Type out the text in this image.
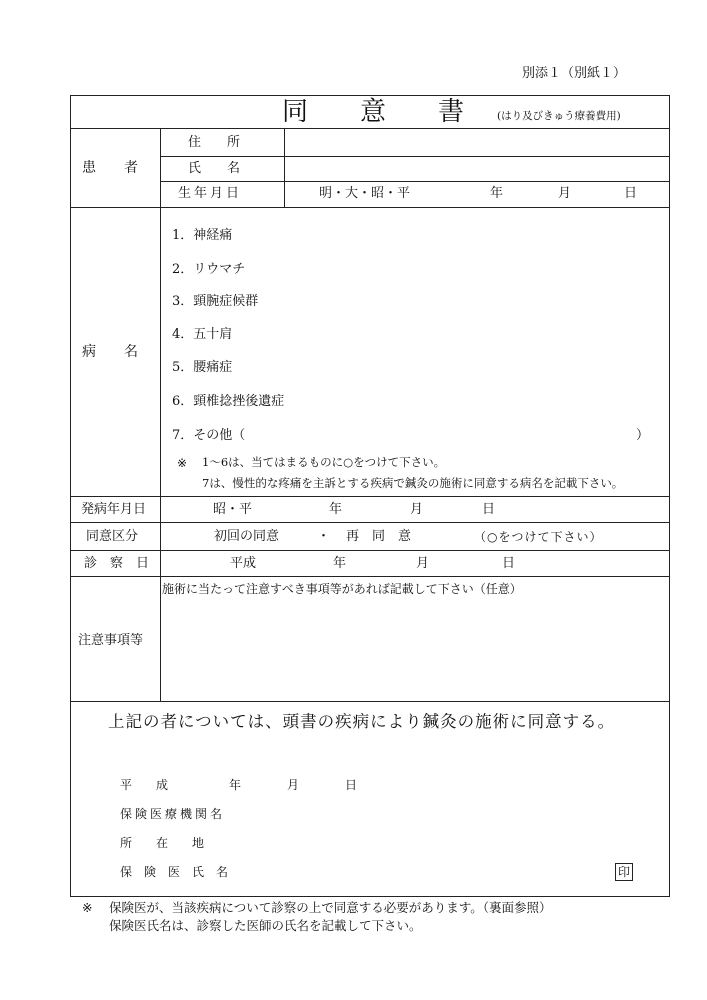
別添１（別紙１）
同　　意　　書	(はり及びきゅう療養費用)
患　　者
住　　所
氏　　名
生年月日	明・大・昭・平	年	月	日
病　　名
1．神経痛
2．リウマチ
3．頸腕症候群
4．五十肩
5．腰痛症
6．頸椎捻挫後遺症
7．その他（	）
※ 1～6は、当てはまるものに○をつけて下さい。
7は、慢性的な疼痛を主訴とする疾病で鍼灸の施術に同意する病名を記載下さい。
発病年月日	昭・平	年	月	日
同意区分	初回の同意	・ 再　同　意	（○をつけて下さい）
診　察　日	平成	年	月	日
注意事項等
施術に当たって注意すべき事項等があれば記載して下さい（任意）
上記の者については、頭書の疾病により鍼灸の施術に同意する。
平　　成	年	月	日
保険医療機関名
所　　在　　地
保　険　医　氏　名	印
※ 保険医が、当該疾病について診察の上で同意する必要があります。（裏面参照）
保険医氏名は、診察した医師の氏名を記載して下さい。
